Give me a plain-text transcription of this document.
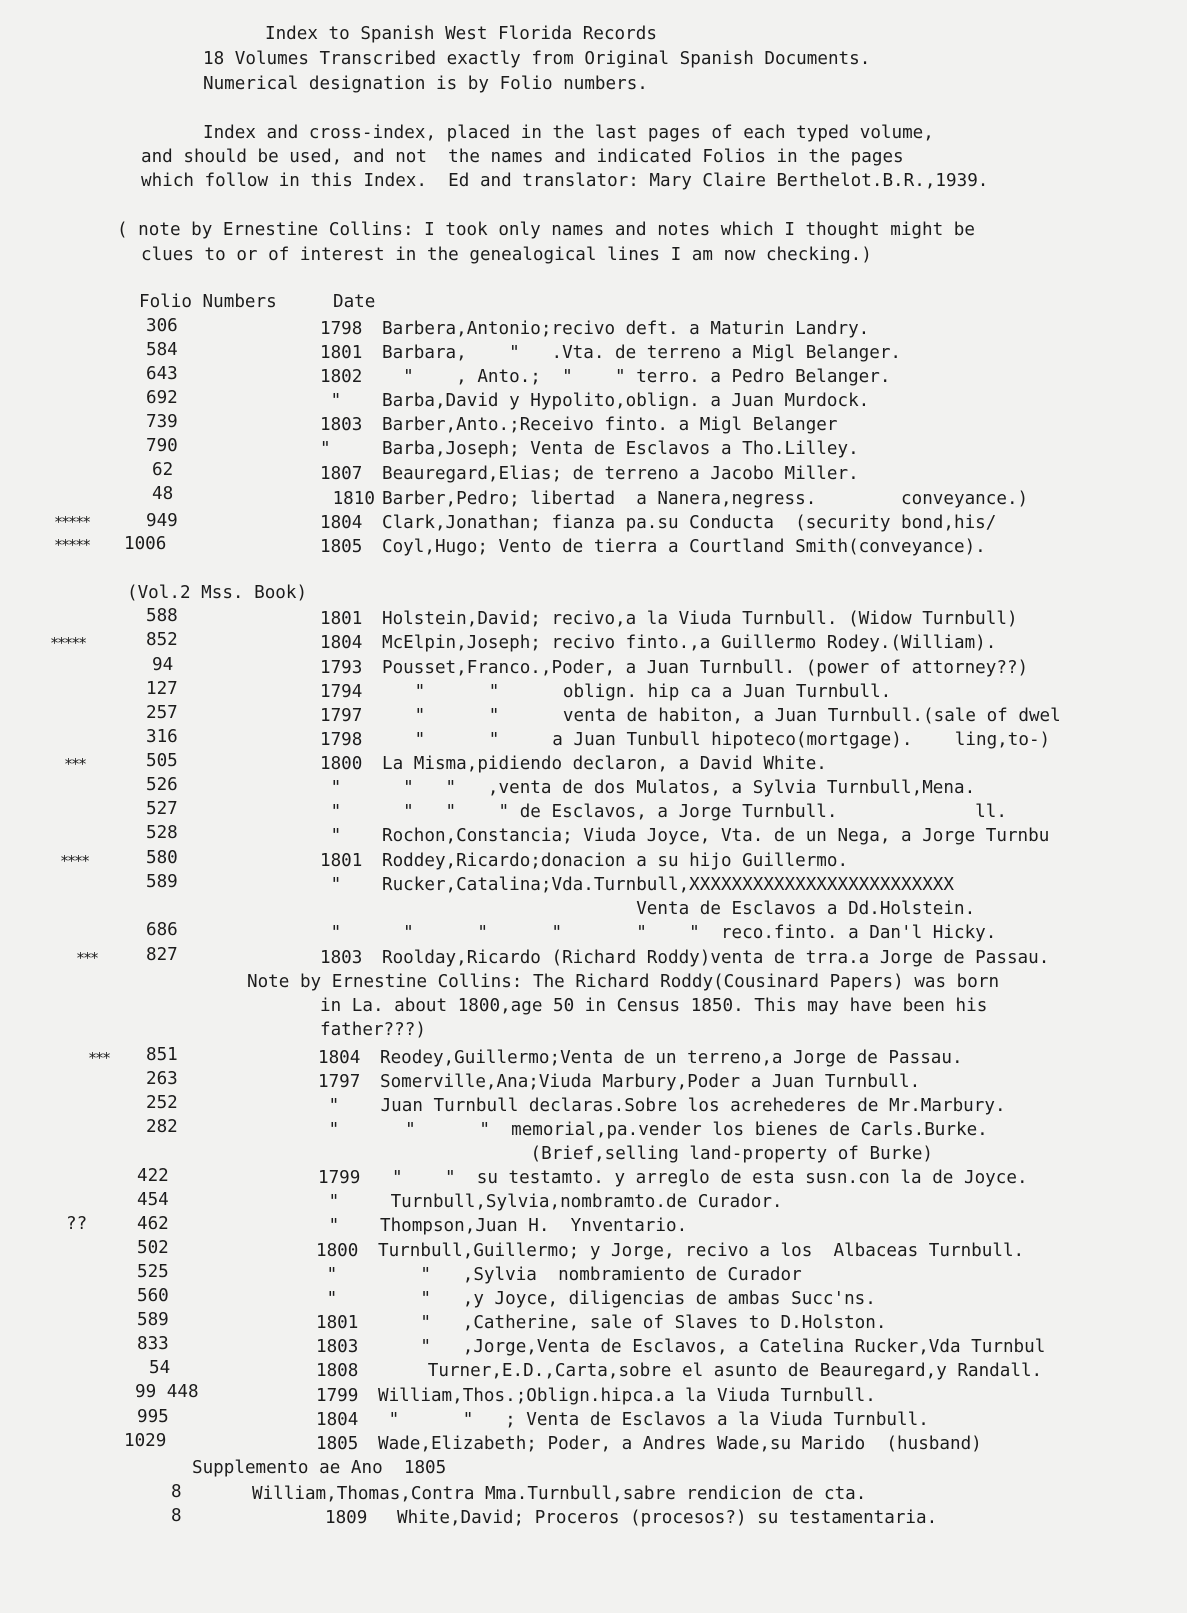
Index to Spanish West Florida Records
18 Volumes Transcribed exactly from Original Spanish Documents.
Numerical designation is by Folio numbers.
Index and cross-index, placed in the last pages of each typed volume,
and should be used, and not  the names and indicated Folios in the pages
which follow in this Index.  Ed and translator: Mary Claire Berthelot.B.R.,1939.
( note by Ernestine Collins: I took only names and notes which I thought might be
clues to or of interest in the genealogical lines I am now checking.)
Folio Numbers	Date
306	1798 Barbera,Antonio;recivo deft. a Maturin Landry.
584	1801 Barbara,    "   .Vta. de terreno a Migl Belanger.
643	1802 "    , Anto.;  "    " terro. a Pedro Belanger.
692	" Barba,David y Hypolito,oblign. a Juan Murdock.
739	1803 Barber,Anto.;Receivo finto. a Migl Belanger
790	"	Barba,Joseph; Venta de Esclavos a Tho.Lilley.
62	1807 Beauregard,Elias; de terreno a Jacobo Miller.
48	1810 Barber,Pedro; libertad  a Nanera,negress.        conveyance.)
*****	949	1804 Clark,Jonathan; fianza pa.su Conducta  (security bond,his/
***** 1006	1805 Coyl,Hugo; Vento de tierra a Courtland Smith(conveyance).
(Vol.2 Mss. Book)
588	1801 Holstein,David; recivo,a la Viuda Turnbull. (Widow Turnbull)
*****	852	1804 McElpin,Joseph; recivo finto.,a Guillermo Rodey.(William).
94	1793 Pousset,Franco.,Poder, a Juan Turnbull. (power of attorney??)
127	1794 "      "      oblign. hip ca a Juan Turnbull.
257	1797 "      "      venta de habiton, a Juan Turnbull.(sale of dwel
316	1798 "      "     a Juan Tunbull hipoteco(mortgage).    ling,to-)
***	505	1800 La Misma,pidiendo declaron, a David White.
526	" "   "   ,venta de dos Mulatos, a Sylvia Turnbull,Mena.
527	" "   "    " de Esclavos, a Jorge Turnbull.             ll.
528	" Rochon,Constancia; Viuda Joyce, Vta. de un Nega, a Jorge Turnbu
****	580	1801 Roddey,Ricardo;donacion a su hijo Guillermo.
589	" Rucker,Catalina;Vda.Turnbull,XXXXXXXXXXXXXXXXXXXXXXXXX
Venta de Esclavos a Dd.Holstein.
686	" "      "      "       "    "  reco.finto. a Dan'l Hicky.
***	827	1803 Roolday,Ricardo (Richard Roddy)venta de trra.a Jorge de Passau.
Note by Ernestine Collins: The Richard Roddy(Cousinard Papers) was born
in La. about 1800,age 50 in Census 1850. This may have been his
father???)
*** 851	1804 Reodey,Guillermo;Venta de un terreno,a Jorge de Passau.
263	1797 Somerville,Ana;Viuda Marbury,Poder a Juan Turnbull.
252	" Juan Turnbull declaras.Sobre los acrehederes de Mr.Marbury.
282	"	"      "  memorial,pa.vender los bienes de Carls.Burke.
(Brief,selling land-property of Burke)
422	1799 "    "  su testamto. y arreglo de esta susn.con la de Joyce.
454	" Turnbull,Sylvia,nombramto.de Curador.
??	462	" Thompson,Juan H.  Ynventario.
502	1800 Turnbull,Guillermo; y Jorge, recivo a los  Albaceas Turnbull.
525	" "   ,Sylvia  nombramiento de Curador
560	" "   ,y Joyce, diligencias de ambas Succ'ns.
589	1801 "   ,Catherine, sale of Slaves to D.Holston.
833	1803 "   ,Jorge,Venta de Esclavos, a Catelina Rucker,Vda Turnbul
54	1808 Turner,E.D.,Carta,sobre el asunto de Beauregard,y Randall.
99 448	1799 William,Thos.;Oblign.hipca.a la Viuda Turnbull.
995	1804 "      "   ; Venta de Esclavos a la Viuda Turnbull.
1029	1805 Wade,Elizabeth; Poder, a Andres Wade,su Marido  (husband)
Supplemento ae Ano  1805
8	William,Thomas,Contra Mma.Turnbull,sabre rendicion de cta.
8	1809 White,David; Proceros (procesos?) su testamentaria.
